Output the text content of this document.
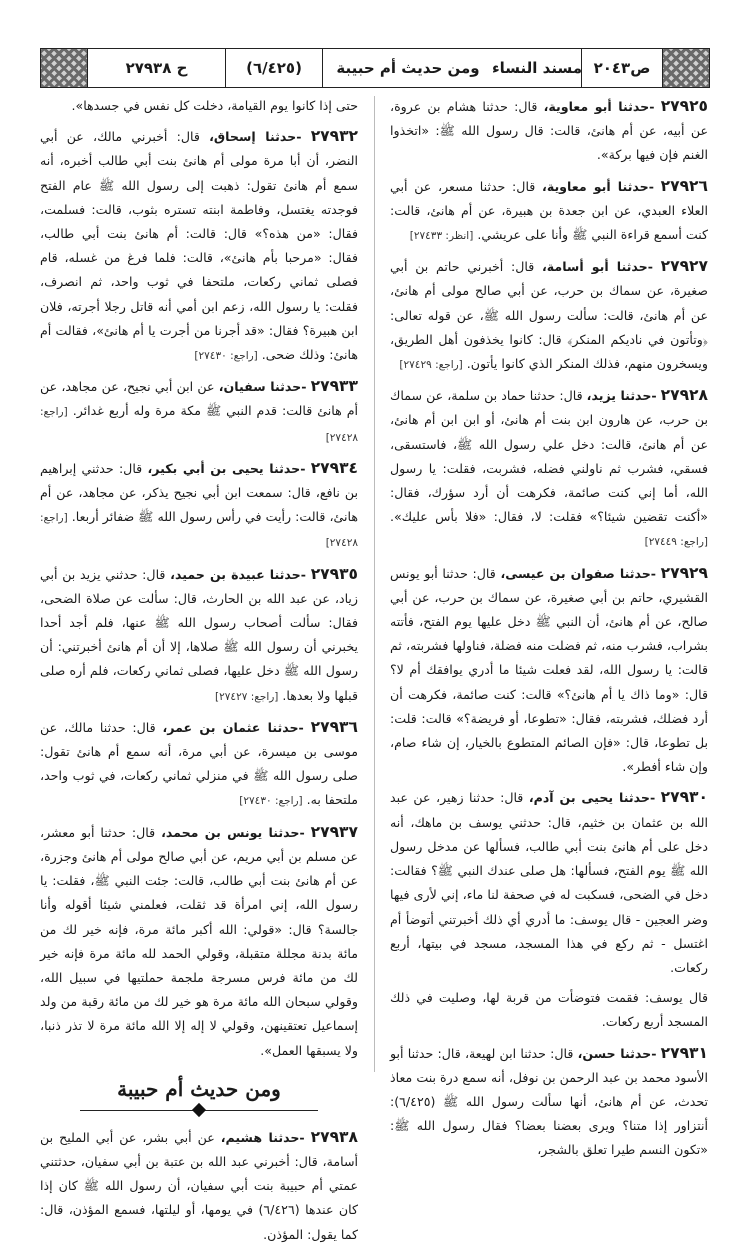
ص٢٠٤٣
مسند النساء
ومن حديث أم حبيبة
(٦/٤٢٥)
ح ٢٧٩٣٨

٢٧٩٢٥ -حدثنا أبو معاوية، قال: حدثنا هشام بن عروة، عن أبيه، عن أم هانئ، قالت: قال رسول الله ﷺ: «اتخذوا الغنم فإن فيها بركة».

٢٧٩٢٦ -حدثنا أبو معاوية، قال: حدثنا مسعر، عن أبي العلاء العبدي، عن ابن جعدة بن هبيرة، عن أم هانئ، قالت: كنت أسمع قراءة النبي ﷺ وأنا على عريشي. [انظر: ٢٧٤٣٣]

٢٧٩٢٧ -حدثنا أبو أسامة، قال: أخبرني حاتم بن أبي صغيرة، عن سماك بن حرب، عن أبي صالح مولى أم هانئ، عن أم هانئ، قالت: سألت رسول الله ﷺ، عن قوله تعالى: ﴿وتأتون في ناديكم المنكر﴾ قال: كانوا يخذفون أهل الطريق، ويسخرون منهم، فذلك المنكر الذي كانوا يأتون. [راجع: ٢٧٤٢٩]

٢٧٩٢٨ -حدثنا يزيد، قال: حدثنا حماد بن سلمة، عن سماك بن حرب، عن هارون ابن بنت أم هانئ، أو ابن ابن أم هانئ، عن أم هانئ، قالت: دخل علي رسول الله ﷺ، فاستسقى، فسقي، فشرب ثم ناولني فضله، فشربت، فقلت: يا رسول الله، أما إني كنت صائمة، فكرهت أن أرد سؤرك، فقال: «أكنت تقضين شيئا؟» فقلت: لا، فقال: «فلا بأس عليك». [راجع: ٢٧٤٤٩]

٢٧٩٢٩ -حدثنا صفوان بن عيسى، قال: حدثنا أبو يونس القشيري، حاتم بن أبي صغيرة، عن سماك بن حرب، عن أبي صالح، عن أم هانئ، أن النبي ﷺ دخل عليها يوم الفتح، فأتته بشراب، فشرب منه، ثم فضلت منه فضلة، فناولها فشربته، ثم قالت: يا رسول الله، لقد فعلت شيئا ما أدري يوافقك أم لا؟ قال: «وما ذاك يا أم هانئ؟» قالت: كنت صائمة، فكرهت أن أرد فضلك، فشربته، فقال: «تطوعا، أو فريضة؟» قالت: قلت: بل تطوعا، قال: «فإن الصائم المتطوع بالخيار، إن شاء صام، وإن شاء أفطر».

٢٧٩٣٠ -حدثنا يحيى بن آدم، قال: حدثنا زهير، عن عبد الله بن عثمان بن خثيم، قال: حدثني يوسف بن ماهك، أنه دخل على أم هانئ بنت أبي طالب، فسألها عن مدخل رسول الله ﷺ يوم الفتح، فسألها: هل صلى عندك النبي ﷺ؟ فقالت: دخل في الضحى، فسكبت له في صحفة لنا ماء، إني لأرى فيها وضر العجين - قال يوسف: ما أدري أي ذلك أخبرتني أتوضأ أم اغتسل - ثم ركع في هذا المسجد، مسجد في بيتها، أربع ركعات.

قال يوسف: فقمت فتوضأت من قربة لها، وصليت في ذلك المسجد أربع ركعات.

٢٧٩٣١ -حدثنا حسن، قال: حدثنا ابن لهيعة، قال: حدثنا أبو الأسود محمد بن عبد الرحمن بن نوفل، أنه سمع درة بنت معاذ تحدث، عن أم هانئ، أنها سألت رسول الله ﷺ (٦/٤٢٥): أنتزاور إذا متنا؟ ويرى بعضنا بعضا؟ فقال رسول الله ﷺ: «تكون النسم طيرا تعلق بالشجر،

حتى إذا كانوا يوم القيامة، دخلت كل نفس في جسدها».

٢٧٩٣٢ -حدثنا إسحاق، قال: أخبرني مالك، عن أبي النضر، أن أبا مرة مولى أم هانئ بنت أبي طالب أخبره، أنه سمع أم هانئ تقول: ذهبت إلى رسول الله ﷺ عام الفتح فوجدته يغتسل، وفاطمة ابنته تستره بثوب، قالت: فسلمت، فقال: «من هذه؟» قال: قالت: أم هانئ بنت أبي طالب، فقال: «مرحبا بأم هانئ»، قالت: فلما فرغ من غسله، قام فصلى ثماني ركعات، ملتحفا في ثوب واحد، ثم انصرف، فقلت: يا رسول الله، زعم ابن أمي أنه قاتل رجلا أجرته، فلان ابن هبيرة؟ فقال: «قد أجرنا من أجرت يا أم هانئ»، فقالت أم هانئ: وذلك ضحى. [راجع: ٢٧٤٣٠]

٢٧٩٣٣ -حدثنا سفيان، عن ابن أبي نجيح، عن مجاهد، عن أم هانئ قالت: قدم النبي ﷺ مكة مرة وله أربع غدائر. [راجع: ٢٧٤٢٨]

٢٧٩٣٤ -حدثنا يحيى بن أبي بكير، قال: حدثني إبراهيم بن نافع، قال: سمعت ابن أبي نجيح يذكر، عن مجاهد، عن أم هانئ، قالت: رأيت في رأس رسول الله ﷺ ضفائر أربعا. [راجع: ٢٧٤٢٨]

٢٧٩٣٥ -حدثنا عبيدة بن حميد، قال: حدثني يزيد بن أبي زياد، عن عبد الله بن الحارث، قال: سألت عن صلاة الضحى، فقال: سألت أصحاب رسول الله ﷺ عنها، فلم أجد أحدا يخبرني أن رسول الله ﷺ صلاها، إلا أن أم هانئ أخبرتني: أن رسول الله ﷺ دخل عليها، فصلى ثماني ركعات، فلم أره صلى قبلها ولا بعدها. [راجع: ٢٧٤٢٧]

٢٧٩٣٦ -حدثنا عثمان بن عمر، قال: حدثنا مالك، عن موسى بن ميسرة، عن أبي مرة، أنه سمع أم هانئ تقول: صلى رسول الله ﷺ في منزلي ثماني ركعات، في ثوب واحد، ملتحفا به. [راجع: ٢٧٤٣٠]

٢٧٩٣٧ -حدثنا يونس بن محمد، قال: حدثنا أبو معشر، عن مسلم بن أبي مريم، عن أبي صالح مولى أم هانئ وجزرة، عن أم هانئ بنت أبي طالب، قالت: جئت النبي ﷺ، فقلت: يا رسول الله، إني امرأة قد ثقلت، فعلمني شيئا أقوله وأنا جالسة؟ قال: «قولي: الله أكبر مائة مرة، فإنه خير لك من مائة بدنة مجللة متقبلة، وقولي الحمد لله مائة مرة فإنه خير لك من مائة فرس مسرجة ملجمة حملتيها في سبيل الله، وقولي سبحان الله مائة مرة هو خير لك من مائة رقبة من ولد إسماعيل تعتقينهن، وقولي لا إله إلا الله مائة مرة لا تذر ذنبا، ولا يسبقها العمل».

ومن حديث أم حبيبة

٢٧٩٣٨ -حدثنا هشيم، عن أبي بشر، عن أبي المليح بن أسامة، قال: أخبرني عبد الله بن عتبة بن أبي سفيان، حدثتني عمتي أم حبيبة بنت أبي سفيان، أن رسول الله ﷺ كان إذا كان عندها (٦/٤٢٦) في يومها، أو ليلتها، فسمع المؤذن، قال: كما يقول: المؤذن.
